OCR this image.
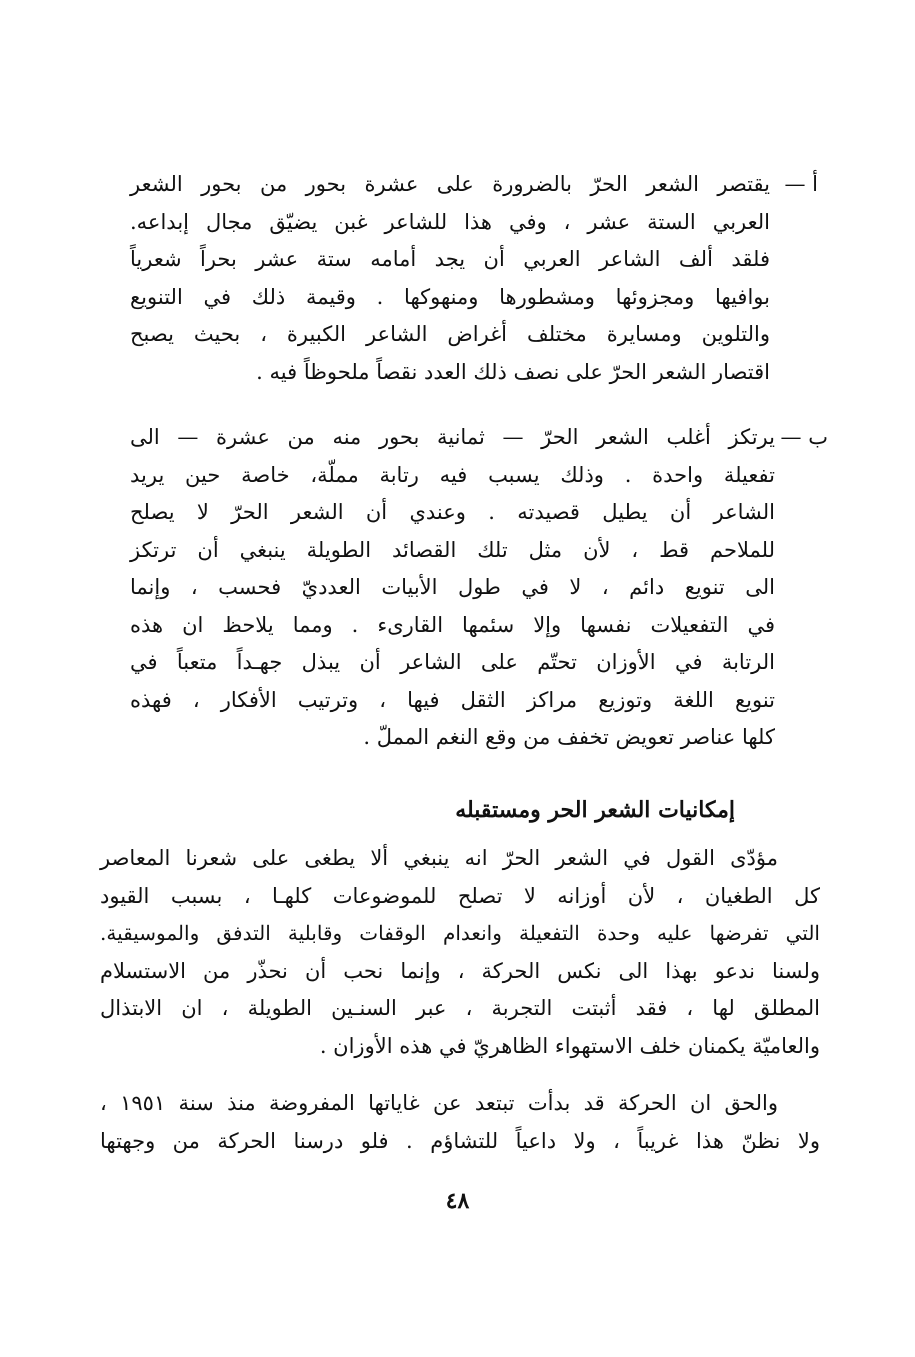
أ —
يقتصر الشعر الحرّ بالضرورة على عشرة بحور من بحور الشعر
العربي الستة عشر ، وفي هذا للشاعر غبن يضيّق مجال إبداعه.
فلقد ألف الشاعر العربي أن يجد أمامه ستة عشر بحراً شعرياً
بوافيها ومجزوئها ومشطورها ومنهوكها . وقيمة ذلك في التنويع
والتلوين ومسايرة مختلف أغراض الشاعر الكبيرة ، بحيث يصبح
اقتصار الشعر الحرّ على نصف ذلك العدد نقصاً ملحوظاً فيه .
ب —
يرتكز أغلب الشعر الحرّ — ثمانية بحور منه من عشرة — الى
تفعيلة واحدة . وذلك يسبب فيه رتابة مملّة، خاصة حين يريد
الشاعر أن يطيل قصيدته . وعندي أن الشعر الحرّ لا يصلح
للملاحم قط ، لأن مثل تلك القصائد الطويلة ينبغي أن ترتكز
الى تنويع دائم ، لا في طول الأبيات العدديّ فحسب ، وإنما
في التفعيلات نفسها وإلا سئمها القارىء . ومما يلاحظ ان هذه
الرتابة في الأوزان تحتّم على الشاعر أن يبذل جهـداً متعباً في
تنويع اللغة وتوزيع مراكز الثقل فيها ، وترتيب الأفكار ، فهذه
كلها عناصر تعويض تخفف من وقع النغم المملّ .
إمكانيات الشعر الحر ومستقبله
مؤدّى القول في الشعر الحرّ انه ينبغي ألا يطغى على شعرنا المعاصر
كل الطغيان ، لأن أوزانه لا تصلح للموضوعات كلهـا ، بسبب القيود
التي تفرضها عليه وحدة التفعيلة وانعدام الوقفات وقابلية التدفق والموسيقية.
ولسنا ندعو بهذا الى نكس الحركة ، وإنما نحب أن نحذّر من الاستسلام
المطلق لها ، فقد أثبتت التجربة ، عبر السنـين الطويلة ، ان الابتذال
والعاميّة يكمنان خلف الاستهواء الظاهريّ في هذه الأوزان .
والحق ان الحركة قد بدأت تبتعد عن غاياتها المفروضة منذ سنة ١٩٥١ ،
ولا نظنّ هذا غريباً ، ولا داعياً للتشاؤم . فلو درسنا الحركة من وجهتها
٤٨
